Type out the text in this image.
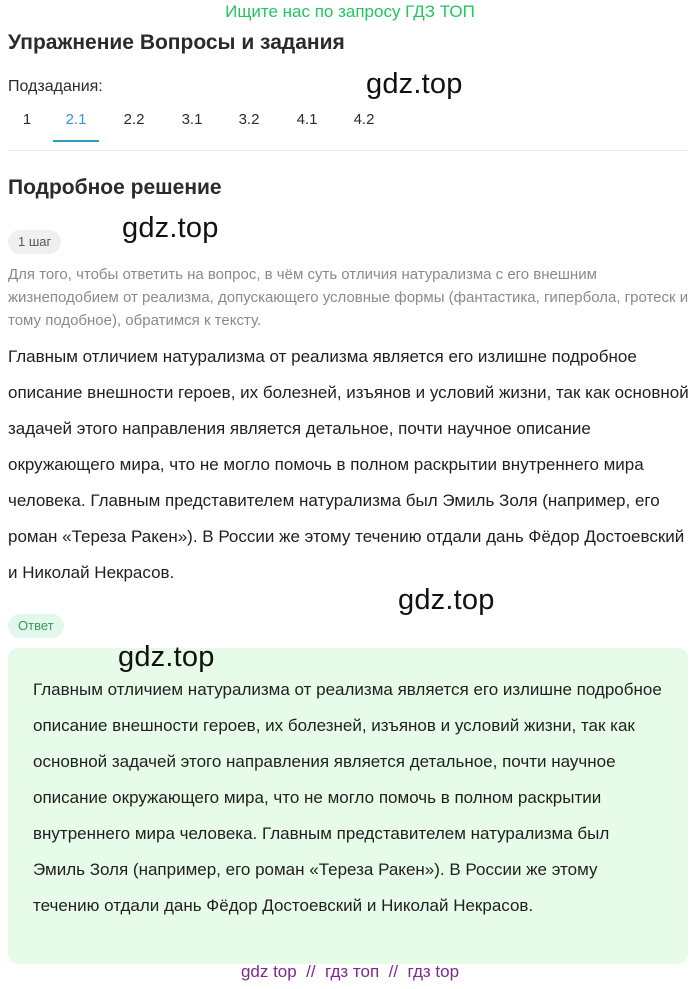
Ищите нас по запросу ГДЗ ТОП
Упражнение Вопросы и задания
Подзадания:
1	2.1	2.2	3.1	3.2	4.1	4.2
gdz.top
Подробное решение
1 шаг	gdz.top
Для того, чтобы ответить на вопрос, в чём суть отличия натурализма с его внешним жизнеподобием от реализма, допускающего условные формы (фантастика, гипербола, гротеск и тому подобное), обратимся к тексту.
Главным отличием натурализма от реализма является его излишне подробное описание внешности героев, их болезней, изъянов и условий жизни, так как основной задачей этого направления является детальное, почти научное описание окружающего мира, что не могло помочь в полном раскрытии внутреннего мира человека. Главным представителем натурализма был Эмиль Золя (например, его роман «Тереза Ракен»). В России же этому течению отдали дань Фёдор Достоевский и Николай Некрасов.
gdz.top
Ответ
gdz.top
Главным отличием натурализма от реализма является его излишне подробное описание внешности героев, их болезней, изъянов и условий жизни, так как основной задачей этого направления является детальное, почти научное описание окружающего мира, что не могло помочь в полном раскрытии внутреннего мира человека. Главным представителем натурализма был Эмиль Золя (например, его роман «Тереза Ракен»). В России же этому течению отдали дань Фёдор Достоевский и Николай Некрасов.
gdz top  //  гдз топ  //  гдз top
